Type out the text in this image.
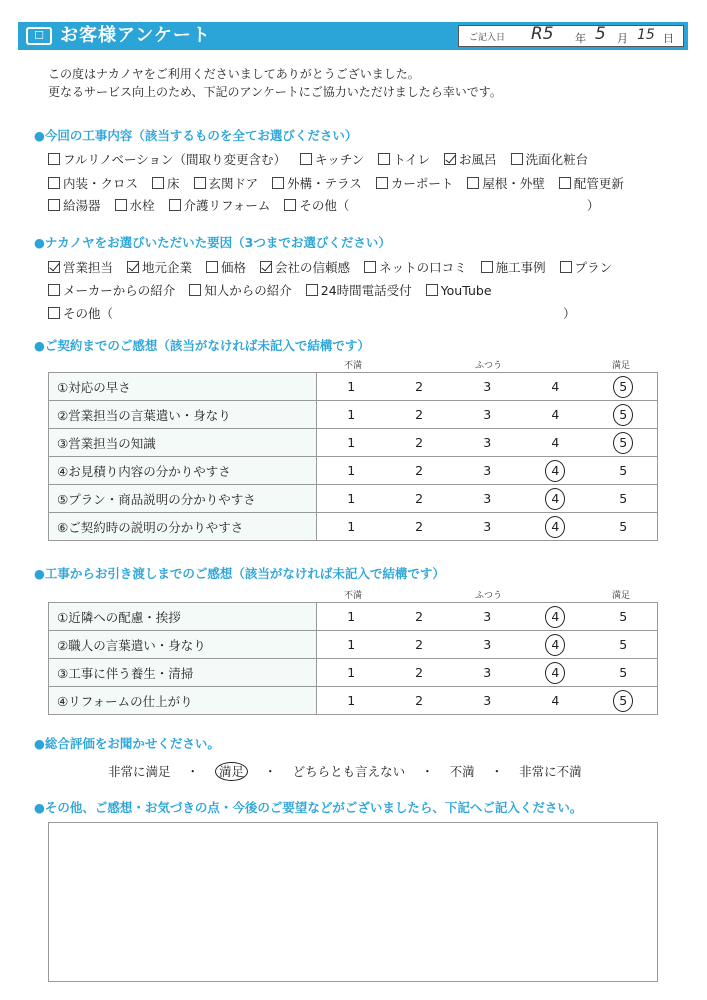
☐ お客様アンケート	ご記入日 R5 年 5 月 15 日
この度はナカノヤをご利用くださいましてありがとうございました。
更なるサービス向上のため、下記のアンケートにご協力いただけましたら幸いです。
●今回の工事内容（該当するものを全てお選びください）
フルリノベーション（間取り変更含む） キッチン トイレ お風呂 洗面化粧台
内装・クロス 床 玄関ドア 外構・テラス カーポート 屋根・外壁 配管更新
給湯器 水栓 介護リフォーム その他（　　　　　　　　　　　　　　　　　　　）
●ナカノヤをお選びいただいた要因（3つまでお選びください）
営業担当 地元企業 価格 会社の信頼感 ネットの口コミ 施工事例 プラン
メーカーからの紹介 知人からの紹介 24時間電話受付 YouTube
その他（　　　　　　　　　　　　　　　　　　　　　　　　　　　　　　　　　　　　）
●ご契約までのご感想（該当がなければ未記入で結構です）
不満	ふつう	満足
①対応の早さ	1	2	3	4	5
②営業担当の言葉遣い・身なり	1	2	3	4	5
③営業担当の知識	1	2	3	4	5
④お見積り内容の分かりやすさ	1	2	3	4	5
⑤プラン・商品説明の分かりやすさ	1	2	3	4	5
⑥ご契約時の説明の分かりやすさ	1	2	3	4	5
●工事からお引き渡しまでのご感想（該当がなければ未記入で結構です）
不満	ふつう	満足
①近隣への配慮・挨拶	1	2	3	4	5
②職人の言葉遣い・身なり	1	2	3	4	5
③工事に伴う養生・清掃	1	2	3	4	5
④リフォームの仕上がり	1	2	3	4	5
●総合評価をお聞かせください。
非常に満足 ・ 満足 ・ どちらとも言えない ・ 不満 ・ 非常に不満
●その他、ご感想・お気づきの点・今後のご要望などがございましたら、下記へご記入ください。
